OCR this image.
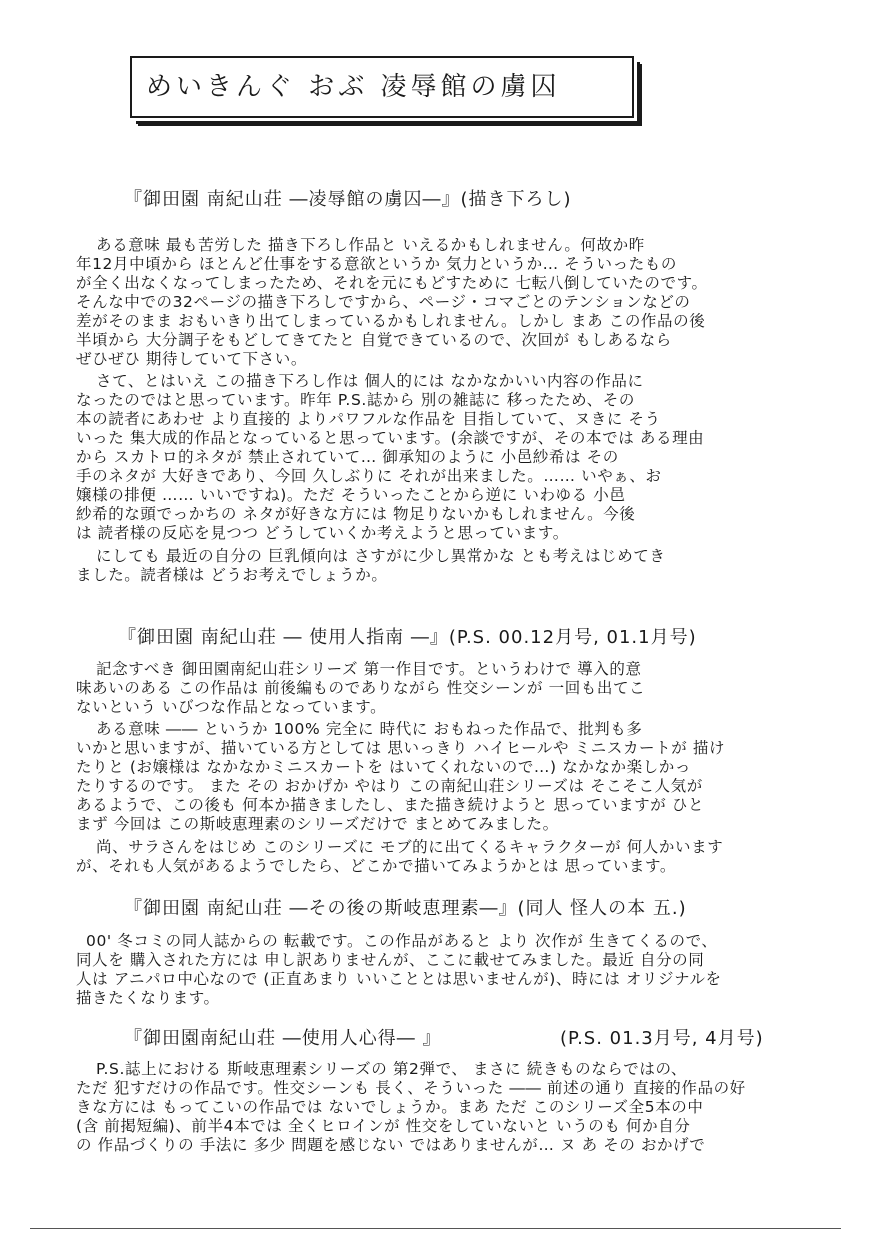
めいきんぐ おぶ 凌辱館の虜囚
『御田園 南紀山荘 ―凌辱館の虜囚―』(描き下ろし)
ある意味 最も苦労した 描き下ろし作品と いえるかもしれません。何故か昨
年12月中頃から ほとんど仕事をする意欲というか 気力というか… そういったもの
が全く出なくなってしまったため、それを元にもどすために 七転八倒していたのです。
そんな中での32ページの描き下ろしですから、ページ・コマごとのテンションなどの
差がそのまま おもいきり出てしまっているかもしれません。しかし まあ この作品の後
半頃から 大分調子をもどしてきてたと 自覚できているので、次回が もしあるなら
ぜひぜひ 期待していて下さい。
さて、とはいえ この描き下ろし作は 個人的には なかなかいい内容の作品に
なったのではと思っています。昨年 P.S.誌から 別の雑誌に 移ったため、その
本の読者にあわせ より直接的 よりパワフルな作品を 目指していて、ヌきに そう
いった 集大成的作品となっていると思っています。(余談ですが、その本では ある理由
から スカトロ的ネタが 禁止されていて… 御承知のように 小邑紗希は その
手のネタが 大好きであり、今回 久しぶりに それが出来ました。…… いやぁ、お
嬢様の排便 …… いいですね)。ただ そういったことから逆に いわゆる 小邑
紗希的な頭でっかちの ネタが好きな方には 物足りないかもしれません。今後
は 読者様の反応を見つつ どうしていくか考えようと思っています。
にしても 最近の自分の 巨乳傾向は さすがに少し異常かな とも考えはじめてき
ました。読者様は どうお考えでしょうか。
『御田園 南紀山荘 ― 使用人指南 ―』(P.S. 00.12月号, 01.1月号)
記念すべき 御田園南紀山荘シリーズ 第一作目です。というわけで 導入的意
味あいのある この作品は 前後編ものでありながら 性交シーンが 一回も出てこ
ないという いびつな作品となっています。
ある意味 ―― というか 100% 完全に 時代に おもねった作品で、批判も多
いかと思いますが、描いている方としては 思いっきり ハイヒールや ミニスカートが 描け
たりと (お嬢様は なかなかミニスカートを はいてくれないので…) なかなか楽しかっ
たりするのです。 また その おかげか やはり この南紀山荘シリーズは そこそこ人気が
あるようで、この後も 何本か描きましたし、また描き続けようと 思っていますが ひと
まず 今回は この斯岐恵理素のシリーズだけで まとめてみました。
尚、サラさんをはじめ このシリーズに モブ的に出てくるキャラクターが 何人かいます
が、それも人気があるようでしたら、どこかで描いてみようかとは 思っています。
『御田園 南紀山荘 ―その後の斯岐恵理素―』(同人 怪人の本 五.)
00' 冬コミの同人誌からの 転載です。この作品があると より 次作が 生きてくるので、
同人を 購入された方には 申し訳ありませんが、ここに載せてみました。最近 自分の同
人は アニパロ中心なので (正直あまり いいこととは思いませんが)、時には オリジナルを
描きたくなります。
『御田園南紀山荘 ―使用人心得― 』	(P.S. 01.3月号, 4月号)
P.S.誌上における 斯岐恵理素シリーズの 第2弾で、 まさに 続きものならではの、
ただ 犯すだけの作品です。性交シーンも 長く、そういった ―― 前述の通り 直接的作品の好
きな方には もってこいの作品では ないでしょうか。まあ ただ このシリーズ全5本の中
(含 前掲短編)、前半4本では 全くヒロインが 性交をしていないと いうのも 何か自分
の 作品づくりの 手法に 多少 問題を感じない ではありませんが… ヌ あ その おかげで
